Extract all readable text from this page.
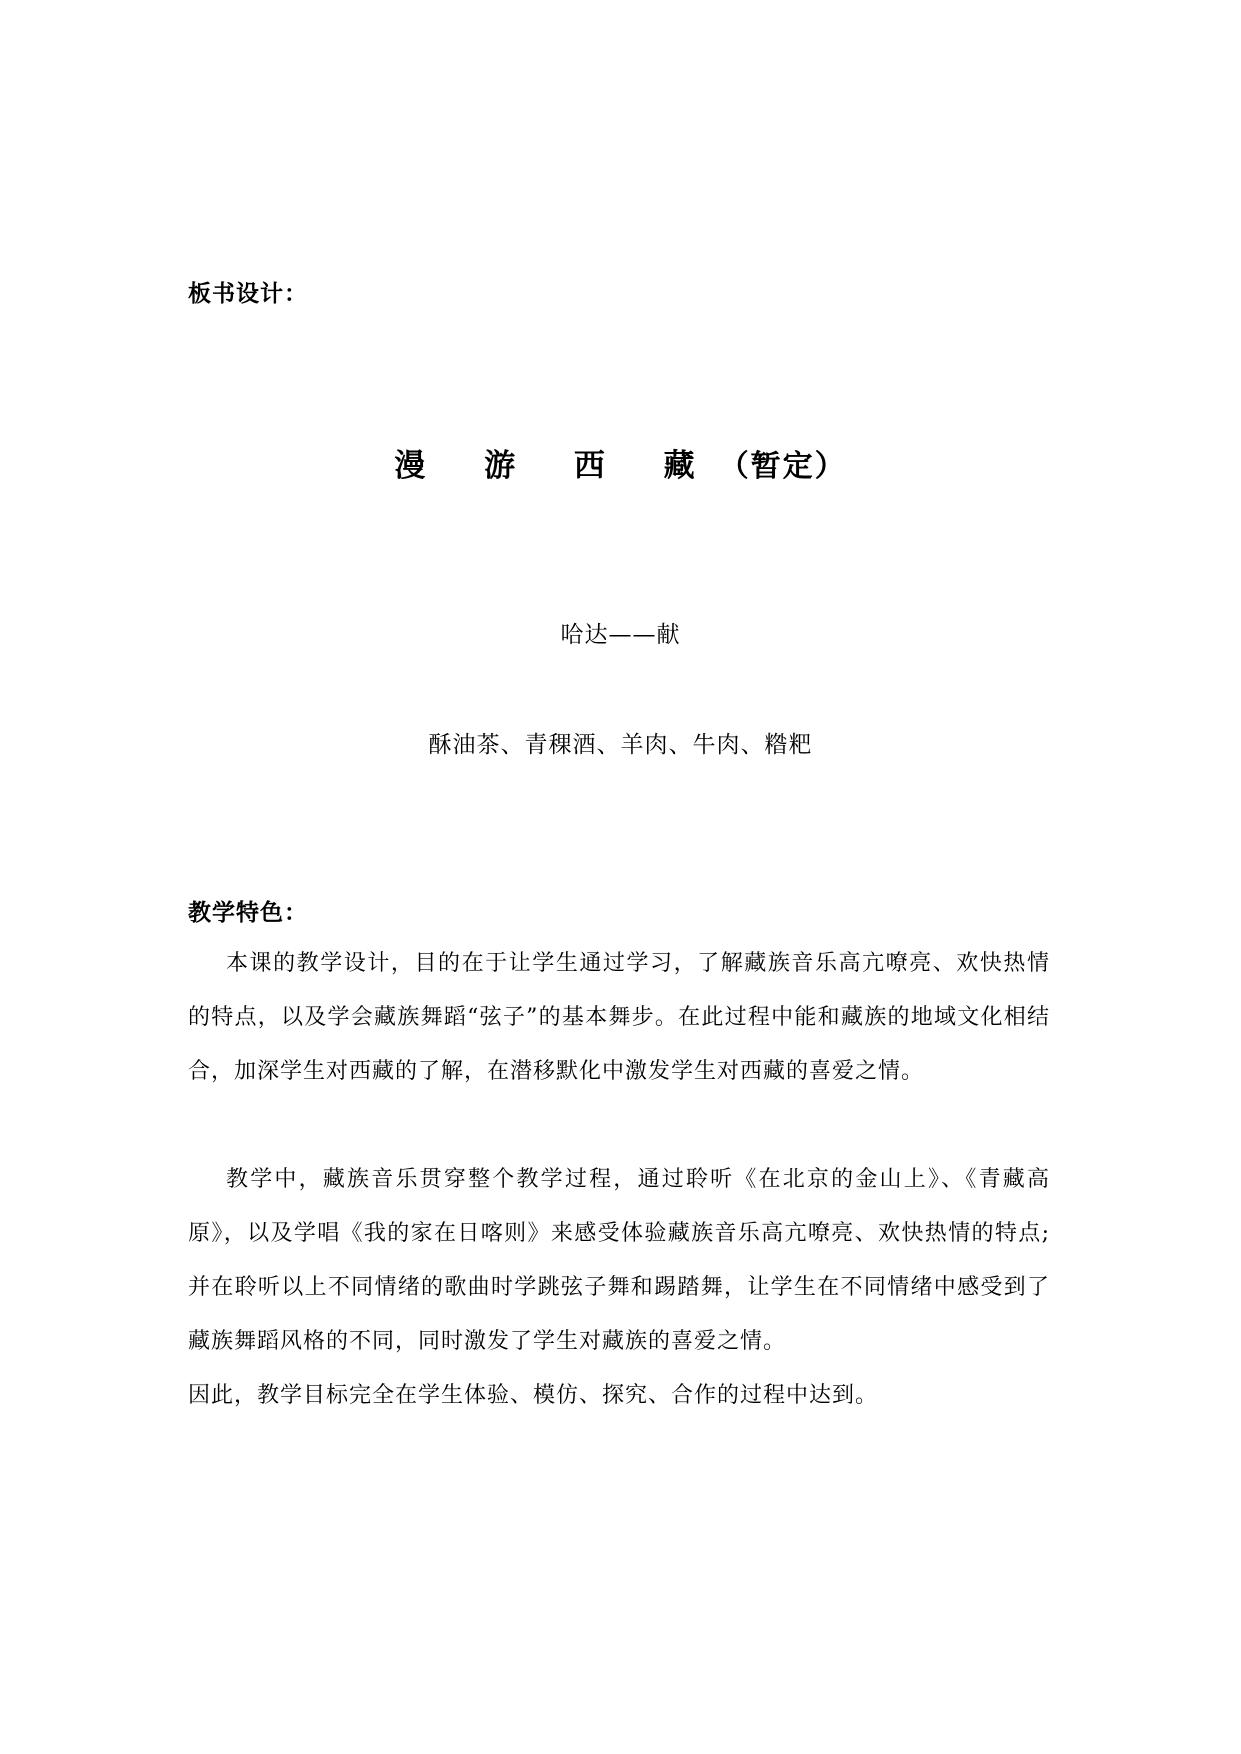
板书设计：
漫 游 西 藏（暂定）
哈达——献
酥油茶、青稞酒、羊肉、牛肉、糌粑
教学特色：
本课的教学设计，目的在于让学生通过学习，了解藏族音乐高亢嘹亮、欢快热情的特点，以及学会藏族舞蹈“弦子”的基本舞步。在此过程中能和藏族的地域文化相结合，加深学生对西藏的了解，在潜移默化中激发学生对西藏的喜爱之情。
教学中，藏族音乐贯穿整个教学过程，通过聆听《在北京的金山上》、《青藏高原》，以及学唱《我的家在日喀则》来感受体验藏族音乐高亢嘹亮、欢快热情的特点;并在聆听以上不同情绪的歌曲时学跳弦子舞和踢踏舞，让学生在不同情绪中感受到了藏族舞蹈风格的不同，同时激发了学生对藏族的喜爱之情。
因此，教学目标完全在学生体验、模仿、探究、合作的过程中达到。
